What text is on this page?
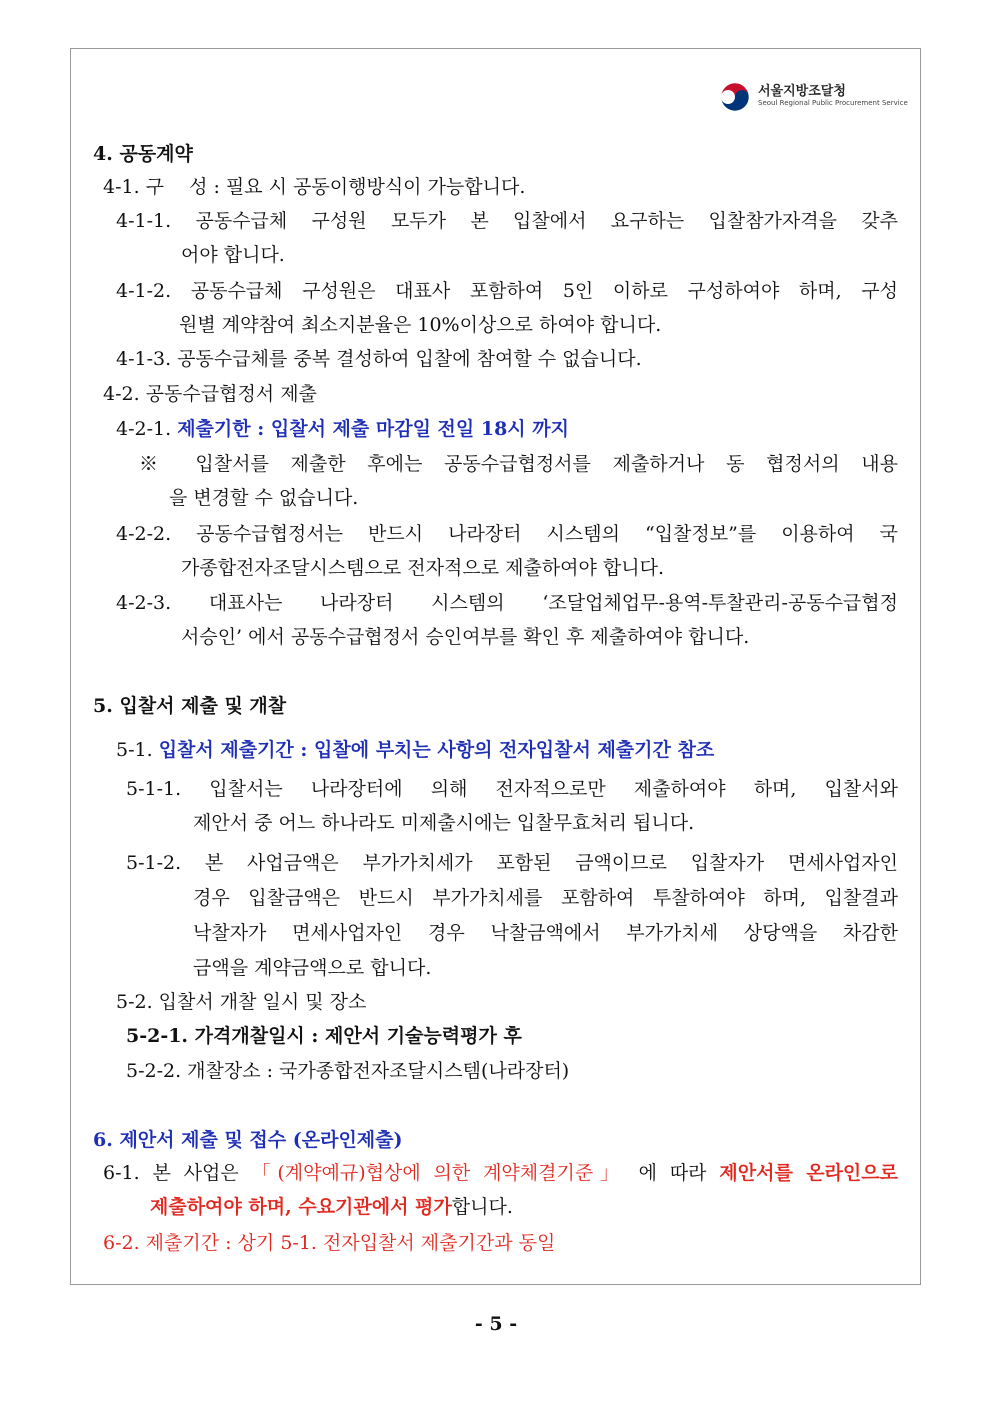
서울지방조달청
Seoul Regional Public Procurement Service
4. 공동계약
4-1. 구 　성 : 필요 시 공동이행방식이 가능합니다.
4-1-1. 공동수급체 구성원 모두가 본 입찰에서 요구하는 입찰참가자격을 갖추
어야 합니다.
4-1-2. 공동수급체 구성원은 대표사 포함하여 5인 이하로 구성하여야 하며, 구성
원별 계약참여 최소지분율은 10%이상으로 하여야 합니다.
4-1-3. 공동수급체를 중복 결성하여 입찰에 참여할 수 없습니다.
4-2. 공동수급협정서 제출
4-2-1. 제출기한 : 입찰서 제출 마감일 전일 18시 까지
※ 입찰서를 제출한 후에는 공동수급협정서를 제출하거나 동 협정서의 내용
을 변경할 수 없습니다.
4-2-2. 공동수급협정서는 반드시 나라장터 시스템의 “입찰정보”를 이용하여 국
가종합전자조달시스템으로 전자적으로 제출하여야 합니다.
4-2-3. 대표사는 나라장터 시스템의 ‘조달업체업무-용역-투찰관리-공동수급협정
서승인’ 에서 공동수급협정서 승인여부를 확인 후 제출하여야 합니다.
5. 입찰서 제출 및 개찰
5-1. 입찰서 제출기간 : 입찰에 부치는 사항의 전자입찰서 제출기간 참조
5-1-1. 입찰서는 나라장터에 의해 전자적으로만 제출하여야 하며, 입찰서와
제안서 중 어느 하나라도 미제출시에는 입찰무효처리 됩니다.
5-1-2. 본 사업금액은 부가가치세가 포함된 금액이므로 입찰자가 면세사업자인
경우 입찰금액은 반드시 부가가치세를 포함하여 투찰하여야 하며, 입찰결과
낙찰자가 면세사업자인 경우 낙찰금액에서 부가가치세 상당액을 차감한
금액을 계약금액으로 합니다.
5-2. 입찰서 개찰 일시 및 장소
5-2-1. 가격개찰일시 : 제안서 기술능력평가 후
5-2-2. 개찰장소 : 국가종합전자조달시스템(나라장터)
6. 제안서 제출 및 접수 (온라인제출)
6-1. 본 사업은 「(계약예규)협상에 의한 계약체결기준」 에 따라 제안서를 온라인으로
제출하여야 하며, 수요기관에서 평가합니다.
6-2. 제출기간 : 상기 5-1. 전자입찰서 제출기간과 동일
- 5 -
